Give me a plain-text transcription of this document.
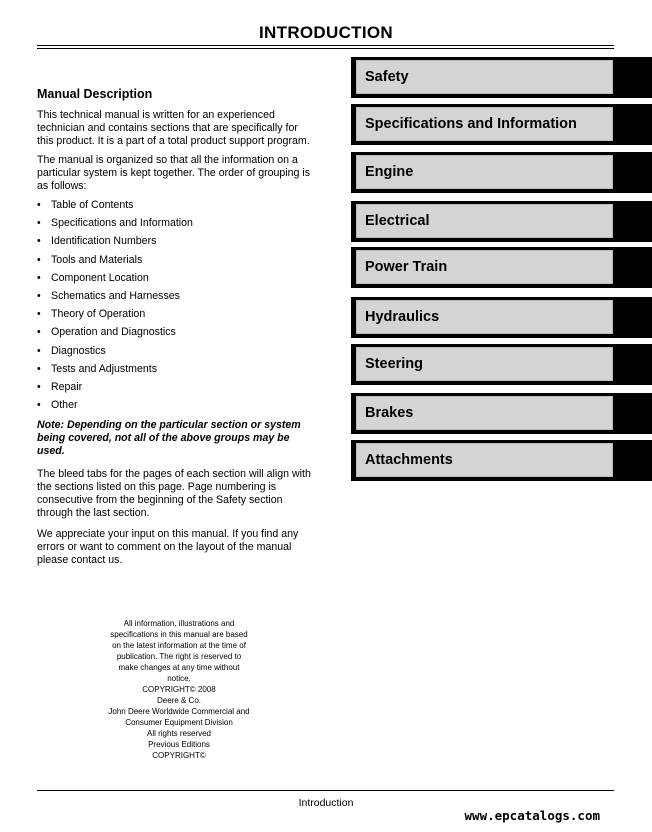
INTRODUCTION
Manual Description

This technical manual is written for an experienced technician and contains sections that are specifically for this product. It is a part of a total product support program.

The manual is organized so that all the information on a particular system is kept together. The order of grouping is as follows:

• Table of Contents
• Specifications and Information
• Identification Numbers
• Tools and Materials
• Component Location
• Schematics and Harnesses
• Theory of Operation
• Operation and Diagnostics
• Diagnostics
• Tests and Adjustments
• Repair
• Other

Note: Depending on the particular section or system being covered, not all of the above groups may be used.

The bleed tabs for the pages of each section will align with the sections listed on this page. Page numbering is consecutive from the beginning of the Safety section through the last section.

We appreciate your input on this manual. If you find any errors or want to comment on the layout of the manual please contact us.

Safety
Specifications and Information
Engine
Electrical
Power Train
Hydraulics
Steering
Brakes
Attachments
All information, illustrations and
specifications in this manual are based
on the latest information at the time of
publication. The right is reserved to
make changes at any time without
notice.
COPYRIGHT© 2008
Deere & Co.
John Deere Worldwide Commercial and
Consumer Equipment Division
All rights reserved
Previous Editions
COPYRIGHT©
Introduction
www.epcatalogs.com
